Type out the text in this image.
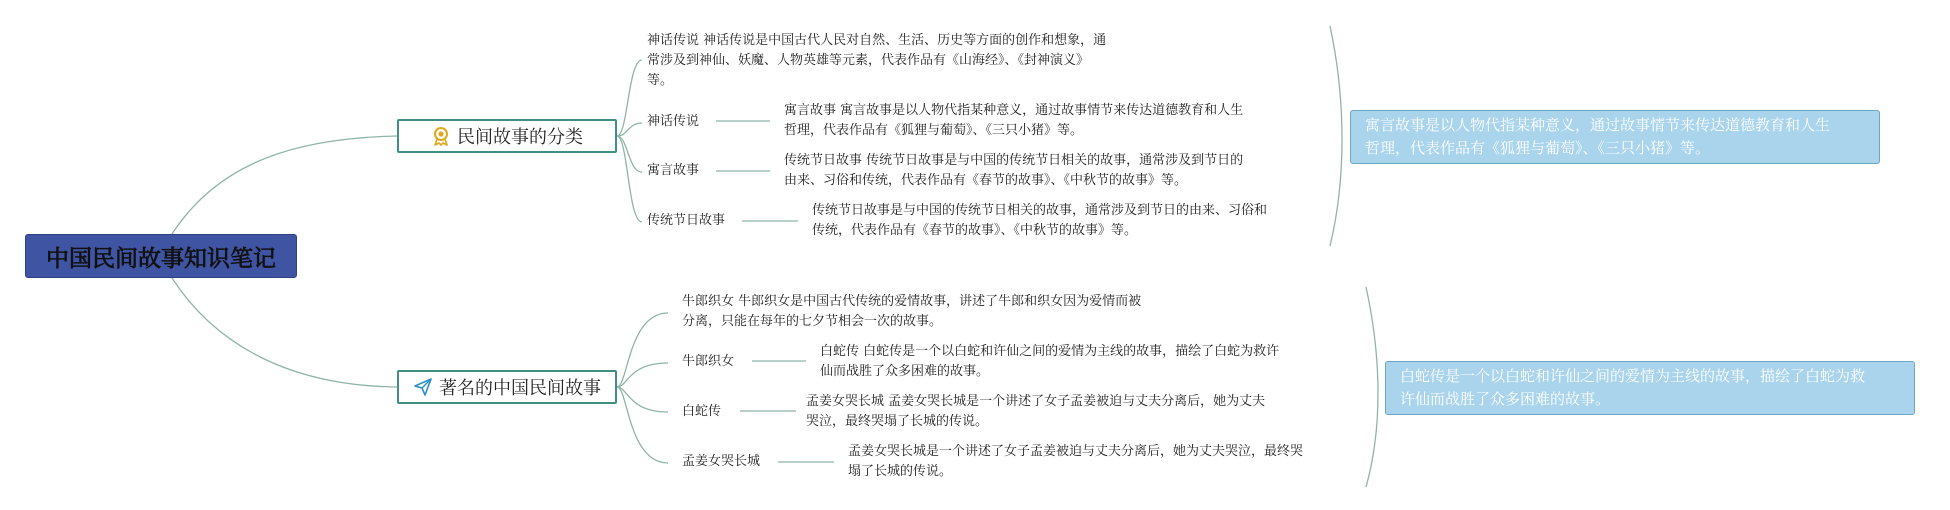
中国民间故事知识笔记
民间故事的分类
神话传说 神话传说是中国古代人民对自然、生活、历史等方面的创作和想象，通
常涉及到神仙、妖魔、人物英雄等元素，代表作品有《山海经》、《封神演义》
等。
神话传说
寓言故事 寓言故事是以人物代指某种意义，通过故事情节来传达道德教育和人生
哲理，代表作品有《狐狸与葡萄》、《三只小猪》等。
寓言故事
传统节日故事 传统节日故事是与中国的传统节日相关的故事，通常涉及到节日的
由来、习俗和传统，代表作品有《春节的故事》、《中秋节的故事》等。
传统节日故事
传统节日故事是与中国的传统节日相关的故事，通常涉及到节日的由来、习俗和
传统，代表作品有《春节的故事》、《中秋节的故事》等。
寓言故事是以人物代指某种意义，通过故事情节来传达道德教育和人生
哲理，代表作品有《狐狸与葡萄》、《三只小猪》等。
著名的中国民间故事
牛郎织女 牛郎织女是中国古代传统的爱情故事，讲述了牛郎和织女因为爱情而被
分离，只能在每年的七夕节相会一次的故事。
牛郎织女
白蛇传 白蛇传是一个以白蛇和许仙之间的爱情为主线的故事，描绘了白蛇为救许
仙而战胜了众多困难的故事。
白蛇传
孟姜女哭长城 孟姜女哭长城是一个讲述了女子孟姜被迫与丈夫分离后，她为丈夫
哭泣，最终哭塌了长城的传说。
孟姜女哭长城
孟姜女哭长城是一个讲述了女子孟姜被迫与丈夫分离后，她为丈夫哭泣，最终哭
塌了长城的传说。
白蛇传是一个以白蛇和许仙之间的爱情为主线的故事，描绘了白蛇为救
许仙而战胜了众多困难的故事。
